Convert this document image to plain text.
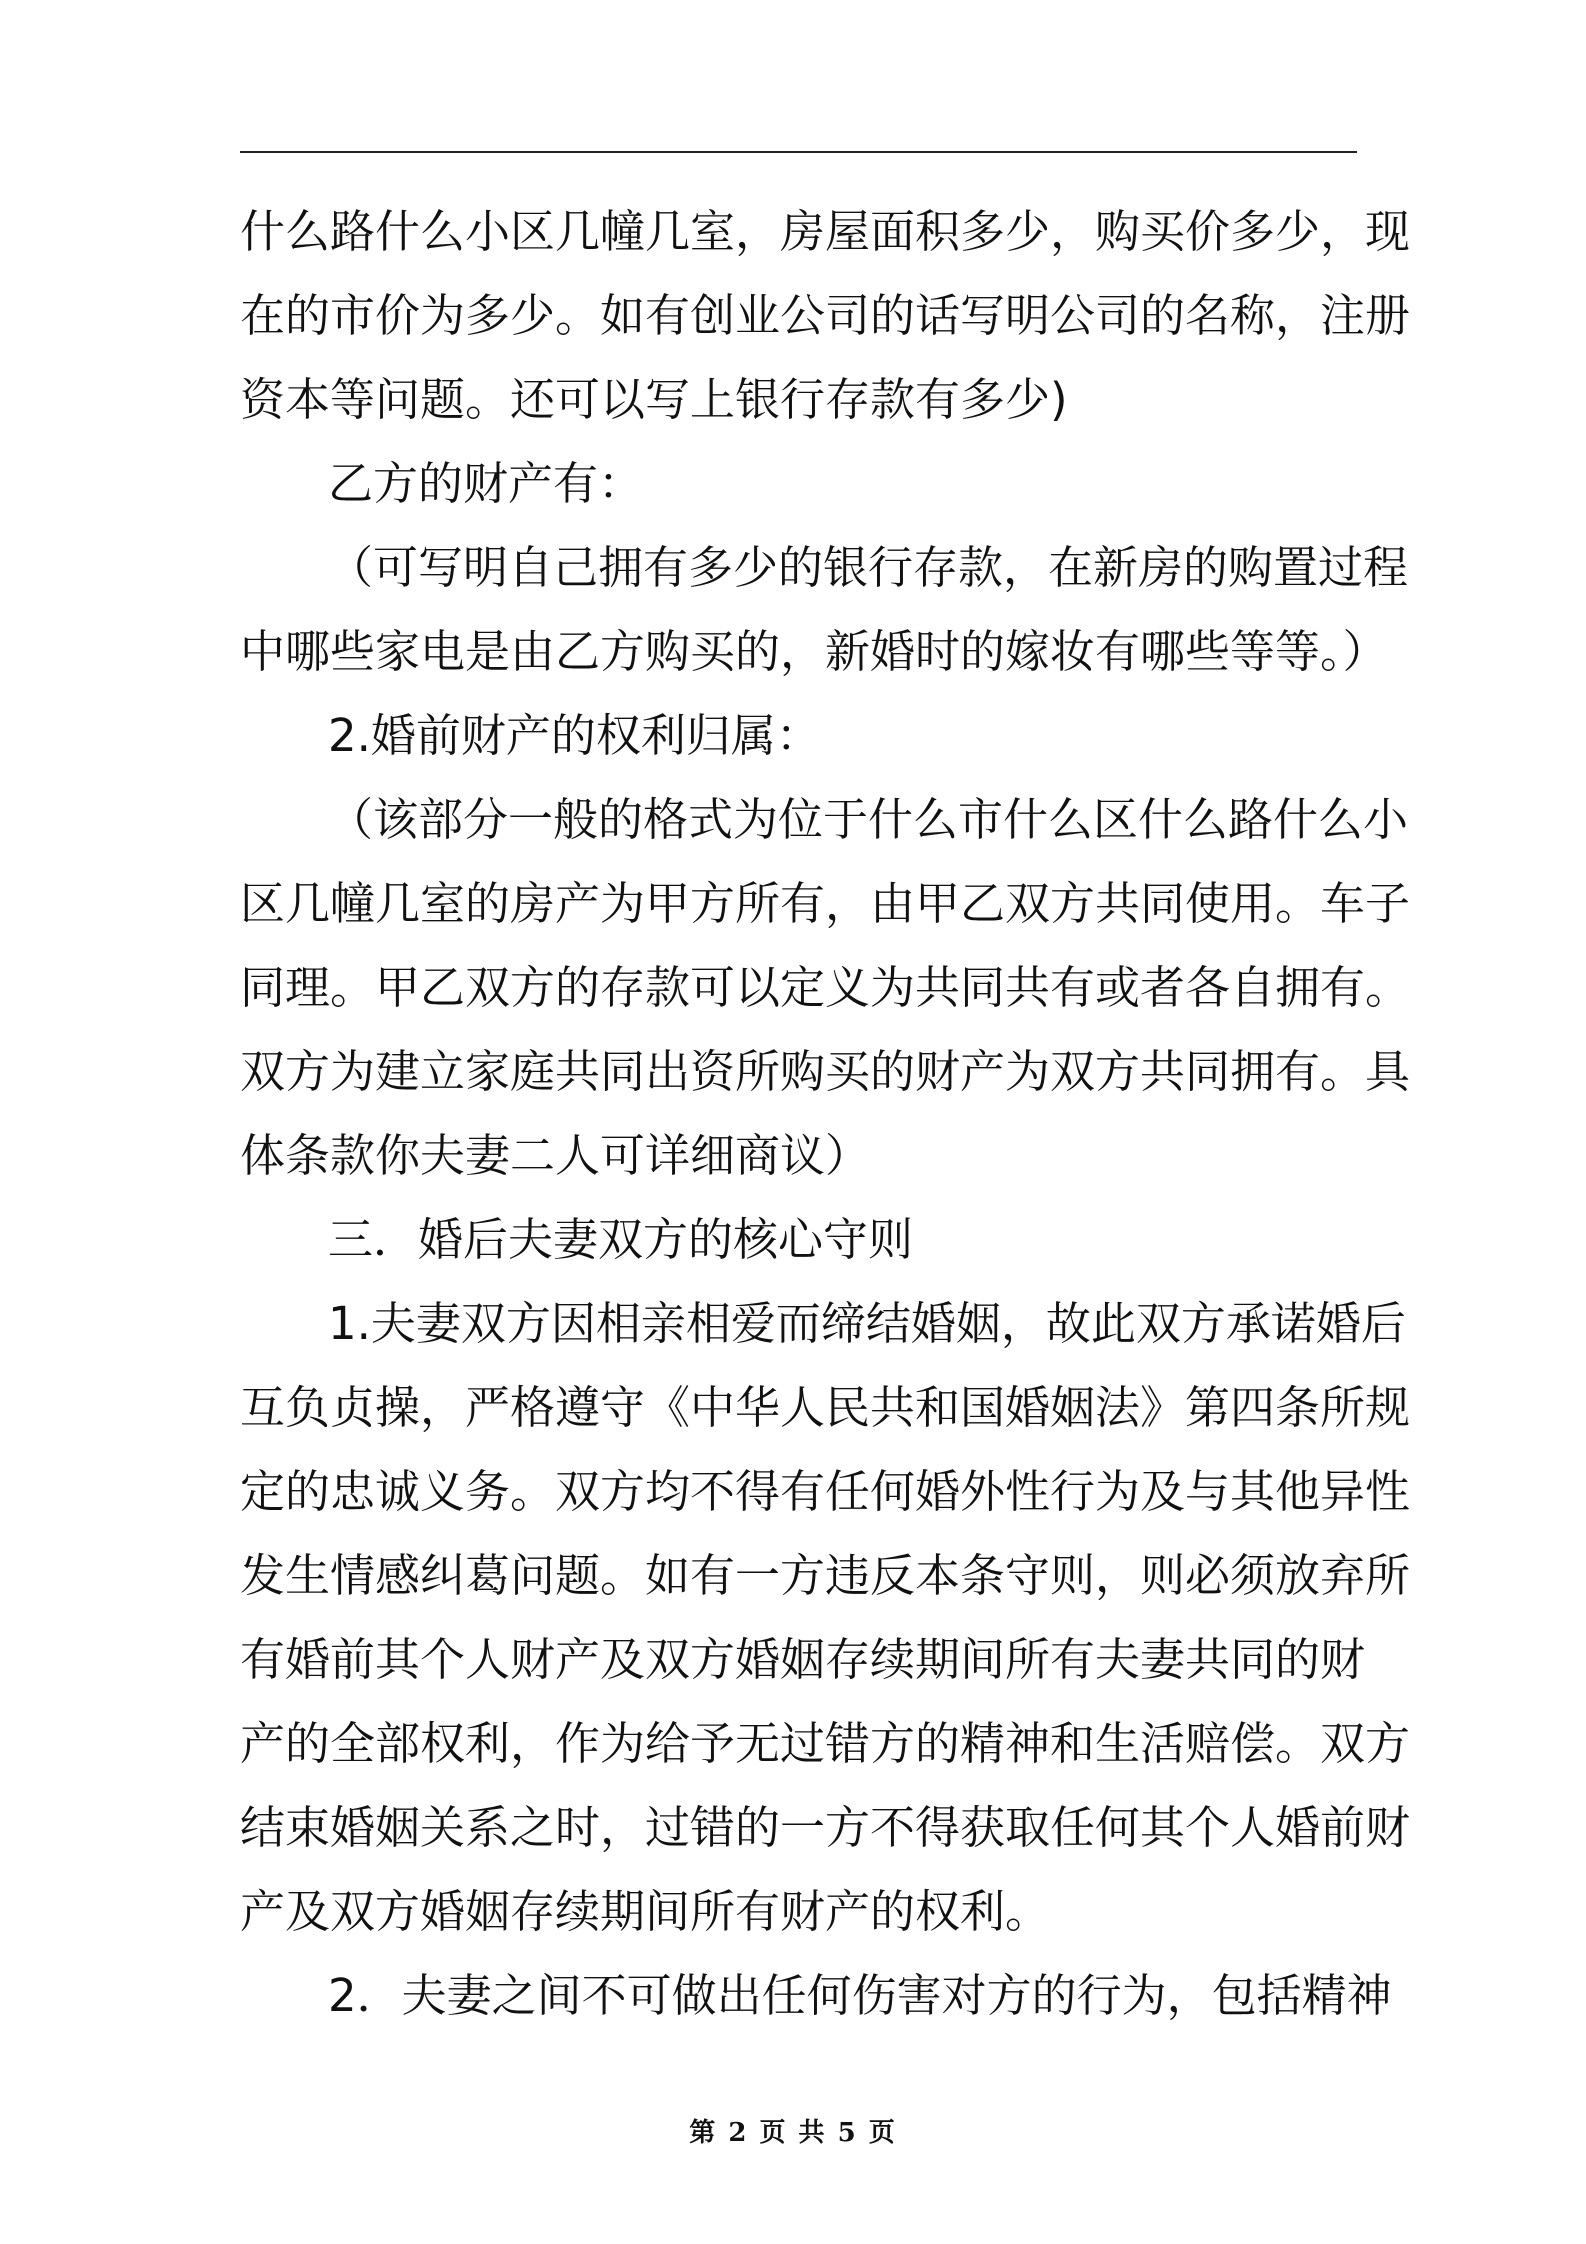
什么路什么小区几幢几室，房屋面积多少，购买价多少，现
在的市价为多少。如有创业公司的话写明公司的名称，注册
资本等问题。还可以写上银行存款有多少)
乙方的财产有：
（可写明自己拥有多少的银行存款，在新房的购置过程
中哪些家电是由乙方购买的，新婚时的嫁妆有哪些等等。）
2.婚前财产的权利归属：
（该部分一般的格式为位于什么市什么区什么路什么小
区几幢几室的房产为甲方所有，由甲乙双方共同使用。车子
同理。甲乙双方的存款可以定义为共同共有或者各自拥有。
双方为建立家庭共同出资所购买的财产为双方共同拥有。具
体条款你夫妻二人可详细商议）
三．婚后夫妻双方的核心守则
1.夫妻双方因相亲相爱而缔结婚姻，故此双方承诺婚后
互负贞操，严格遵守《中华人民共和国婚姻法》第四条所规
定的忠诚义务。双方均不得有任何婚外性行为及与其他异性
发生情感纠葛问题。如有一方违反本条守则，则必须放弃所
有婚前其个人财产及双方婚姻存续期间所有夫妻共同的财
产的全部权利，作为给予无过错方的精神和生活赔偿。双方
结束婚姻关系之时，过错的一方不得获取任何其个人婚前财
产及双方婚姻存续期间所有财产的权利。
2．夫妻之间不可做出任何伤害对方的行为，包括精神
第 2 页 共 5 页
